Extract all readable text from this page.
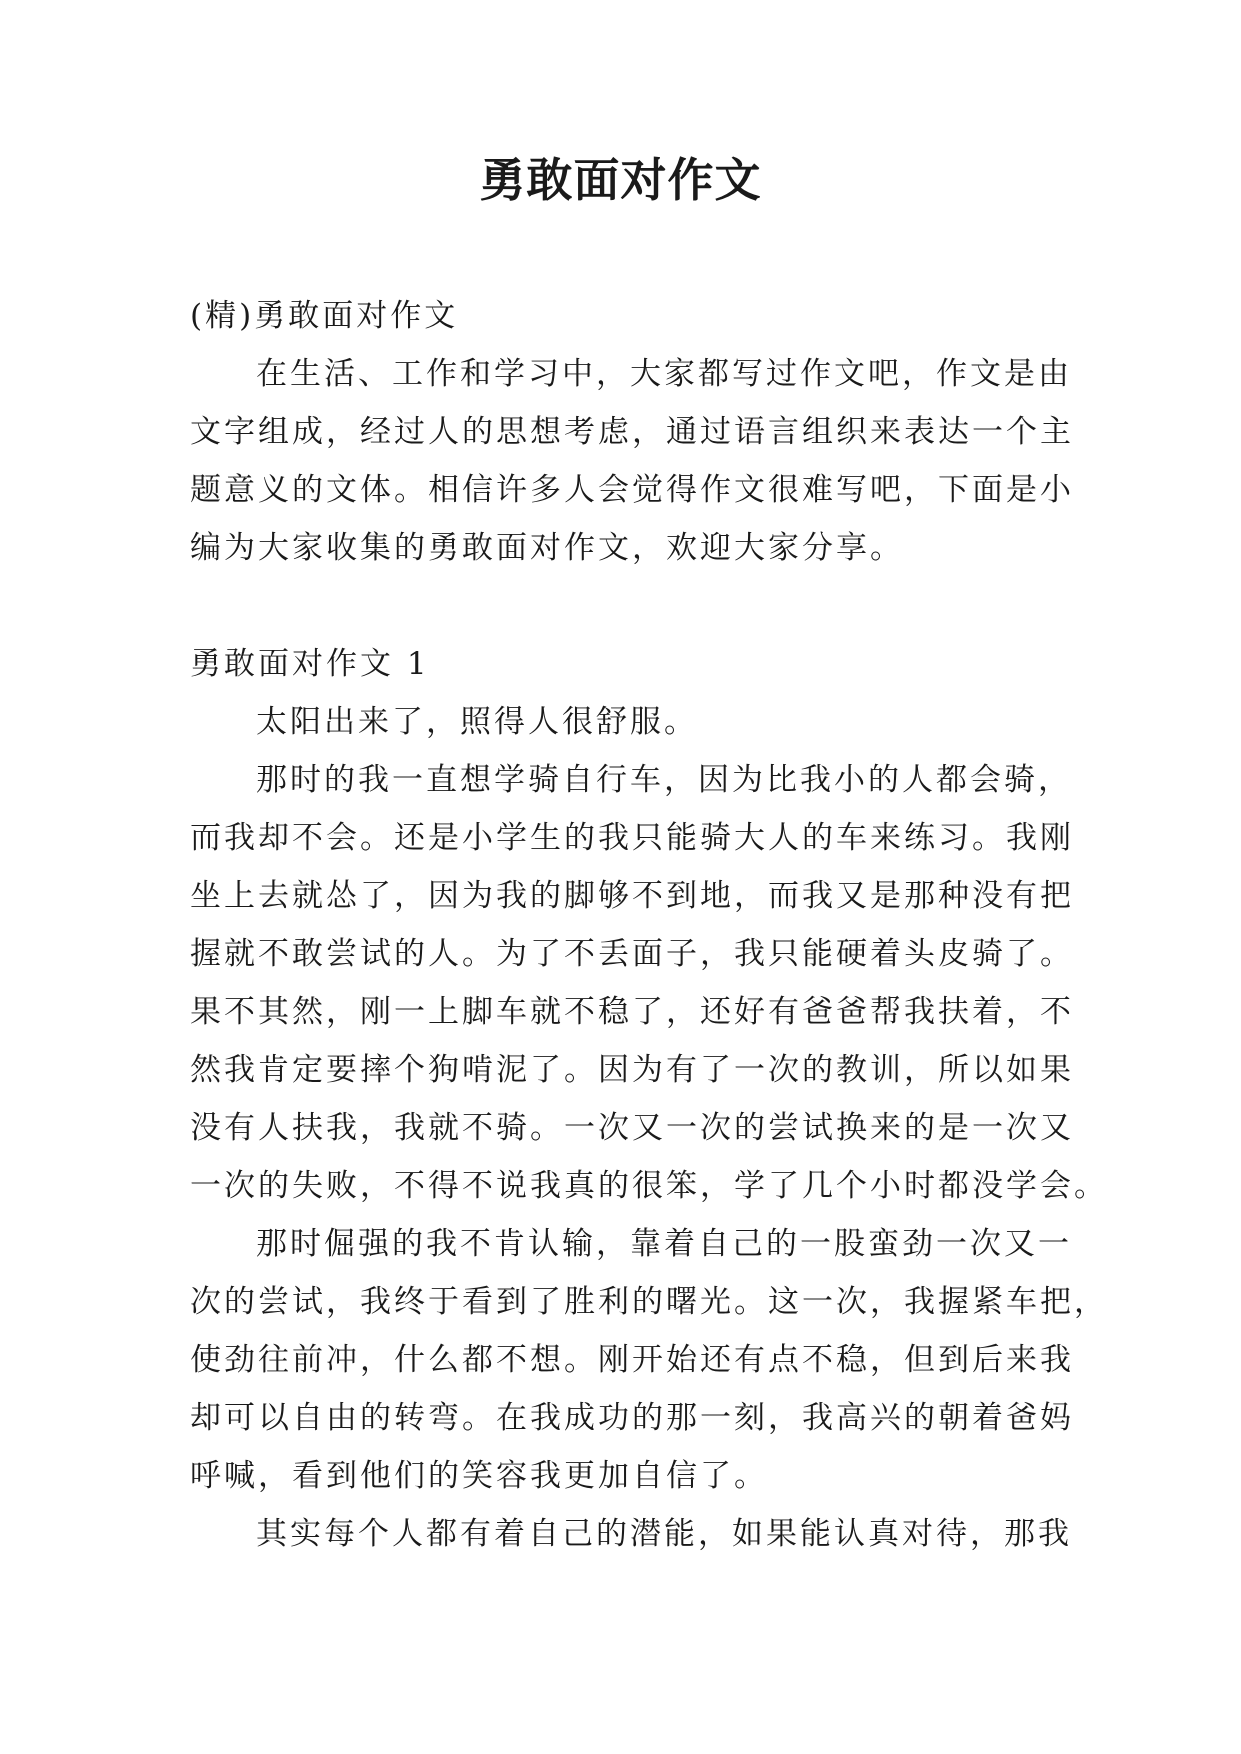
勇敢面对作文
(精)勇敢面对作文
在生活、工作和学习中，大家都写过作文吧，作文是由
文字组成，经过人的思想考虑，通过语言组织来表达一个主
题意义的文体。相信许多人会觉得作文很难写吧，下面是小
编为大家收集的勇敢面对作文，欢迎大家分享。
勇敢面对作文 1
太阳出来了，照得人很舒服。
那时的我一直想学骑自行车，因为比我小的人都会骑，
而我却不会。还是小学生的我只能骑大人的车来练习。我刚
坐上去就怂了，因为我的脚够不到地，而我又是那种没有把
握就不敢尝试的人。为了不丢面子，我只能硬着头皮骑了。
果不其然，刚一上脚车就不稳了，还好有爸爸帮我扶着，不
然我肯定要摔个狗啃泥了。因为有了一次的教训，所以如果
没有人扶我，我就不骑。一次又一次的尝试换来的是一次又
一次的失败，不得不说我真的很笨，学了几个小时都没学会。
那时倔强的我不肯认输，靠着自己的一股蛮劲一次又一
次的尝试，我终于看到了胜利的曙光。这一次，我握紧车把，
使劲往前冲，什么都不想。刚开始还有点不稳，但到后来我
却可以自由的转弯。在我成功的那一刻，我高兴的朝着爸妈
呼喊，看到他们的笑容我更加自信了。
其实每个人都有着自己的潜能，如果能认真对待，那我
